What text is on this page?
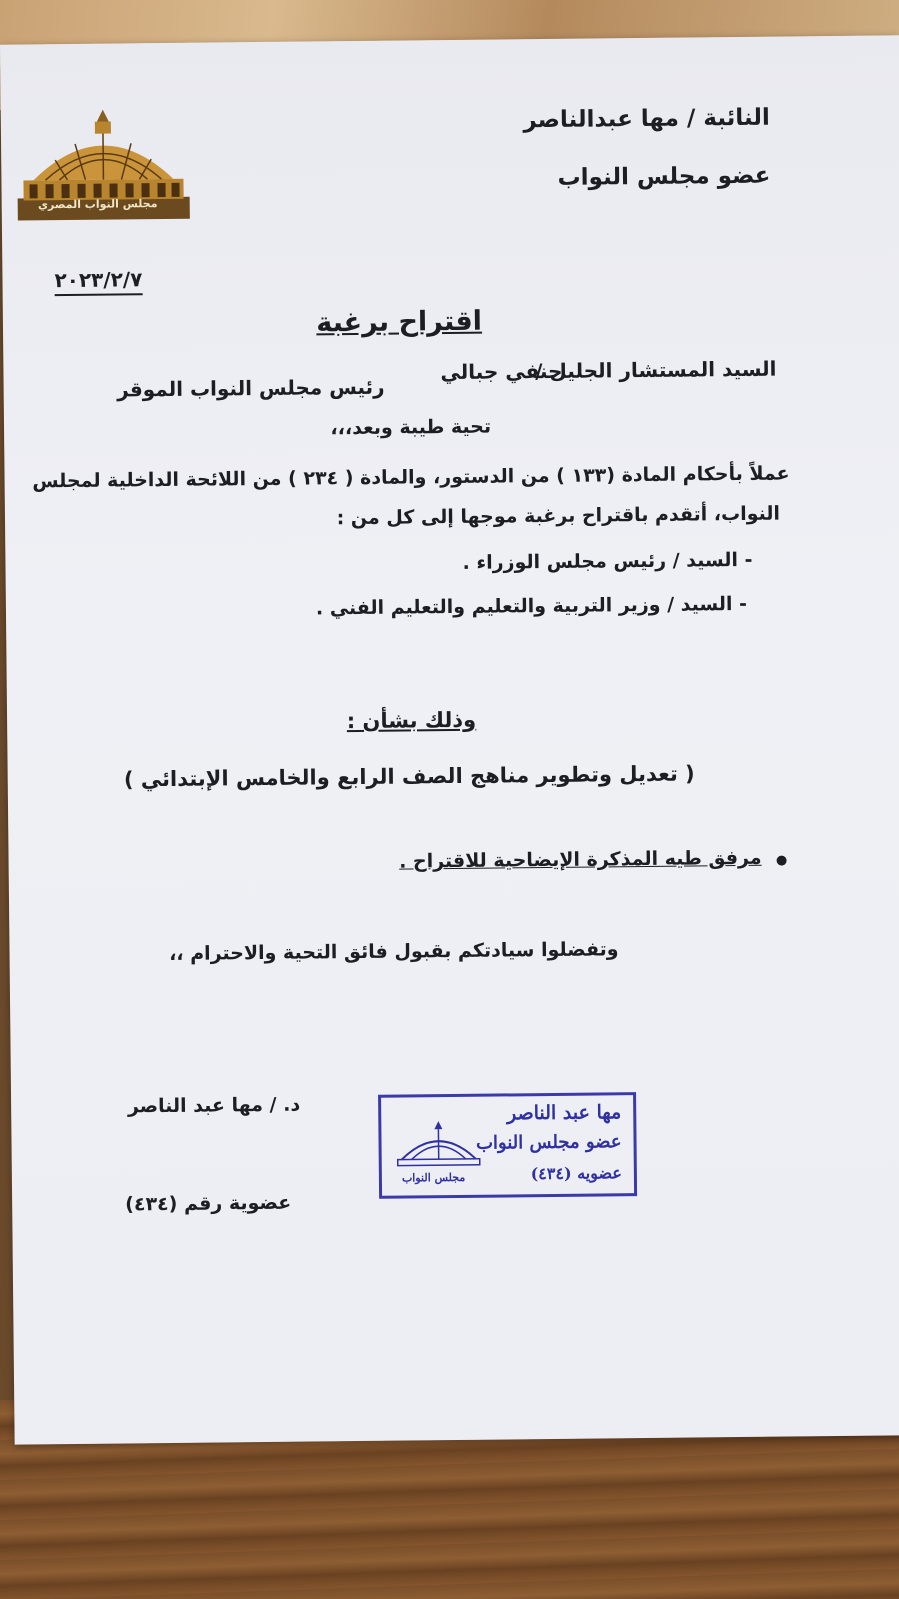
مجلس النواب المصري
النائبة / مها عبدالناصر
عضو مجلس النواب
٢٠٢٣/٢/٧
اقتراح برغبة
السيد المستشار الجليل /
حنفي جبالي
رئيس مجلس النواب الموقر
تحية طيبة وبعد،،،
عملاً بأحكام المادة (١٣٣ ) من الدستور، والمادة ( ٢٣٤ ) من اللائحة الداخلية لمجلس
النواب، أتقدم باقتراح برغبة موجها إلى كل من :
- السيد / رئيس مجلس الوزراء .
- السيد / وزير التربية والتعليم والتعليم الفني .
وذلك بشأن :
( تعديل وتطوير مناهج الصف الرابع والخامس الإبتدائي )
مرفق طيه المذكرة الإيضاحية للاقتراح .
وتفضلوا سيادتكم بقبول فائق التحية والاحترام ،،
د. / مها عبد الناصر
عضوية رقم (٤٣٤)
مها عبد الناصر
عضو مجلس النواب
عضويه (٤٣٤)
مجلس النواب
